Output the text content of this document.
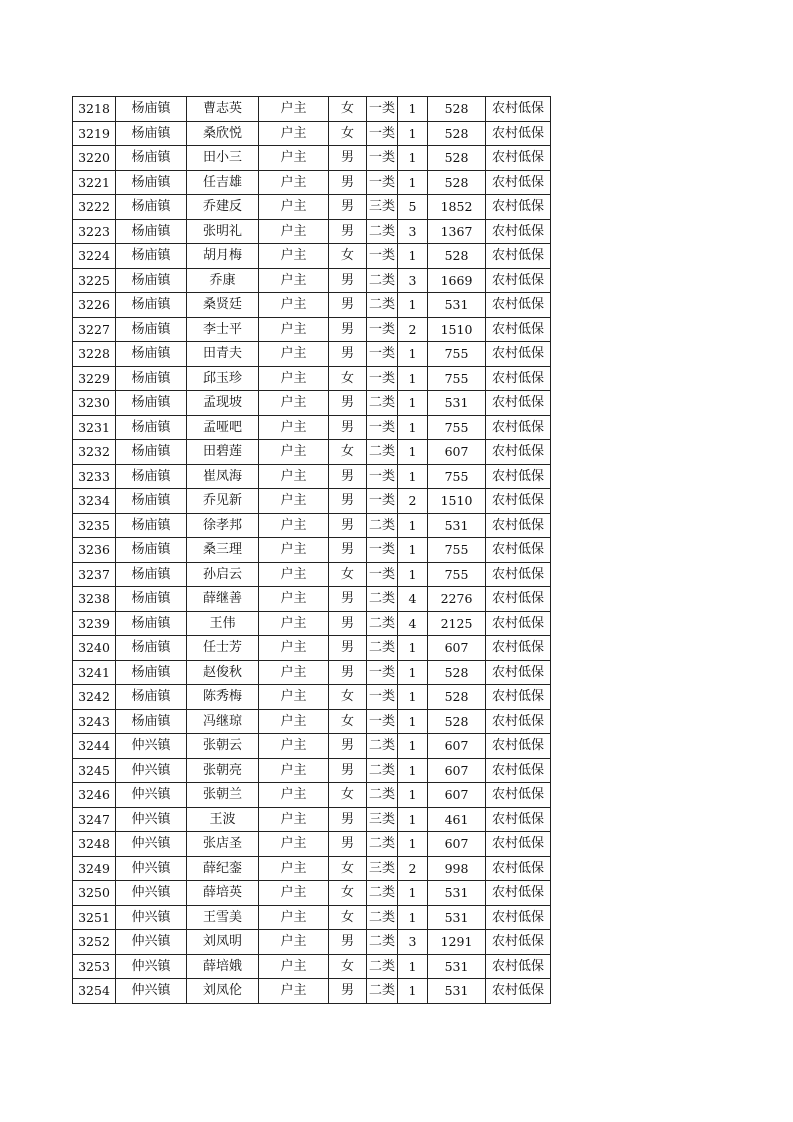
3218	杨庙镇	曹志英	户主	女	一类	1	528	农村低保
3219	杨庙镇	桑欣悦	户主	女	一类	1	528	农村低保
3220	杨庙镇	田小三	户主	男	一类	1	528	农村低保
3221	杨庙镇	任吉雄	户主	男	一类	1	528	农村低保
3222	杨庙镇	乔建反	户主	男	三类	5	1852	农村低保
3223	杨庙镇	张明礼	户主	男	二类	3	1367	农村低保
3224	杨庙镇	胡月梅	户主	女	一类	1	528	农村低保
3225	杨庙镇	乔康	户主	男	二类	3	1669	农村低保
3226	杨庙镇	桑贤廷	户主	男	二类	1	531	农村低保
3227	杨庙镇	李士平	户主	男	一类	2	1510	农村低保
3228	杨庙镇	田青夫	户主	男	一类	1	755	农村低保
3229	杨庙镇	邱玉珍	户主	女	一类	1	755	农村低保
3230	杨庙镇	孟现坡	户主	男	二类	1	531	农村低保
3231	杨庙镇	孟哑吧	户主	男	一类	1	755	农村低保
3232	杨庙镇	田碧莲	户主	女	二类	1	607	农村低保
3233	杨庙镇	崔凤海	户主	男	一类	1	755	农村低保
3234	杨庙镇	乔见新	户主	男	一类	2	1510	农村低保
3235	杨庙镇	徐孝邦	户主	男	二类	1	531	农村低保
3236	杨庙镇	桑三理	户主	男	一类	1	755	农村低保
3237	杨庙镇	孙启云	户主	女	一类	1	755	农村低保
3238	杨庙镇	薛继善	户主	男	二类	4	2276	农村低保
3239	杨庙镇	王伟	户主	男	二类	4	2125	农村低保
3240	杨庙镇	任士芳	户主	男	二类	1	607	农村低保
3241	杨庙镇	赵俊秋	户主	男	一类	1	528	农村低保
3242	杨庙镇	陈秀梅	户主	女	一类	1	528	农村低保
3243	杨庙镇	冯继琼	户主	女	一类	1	528	农村低保
3244	仲兴镇	张朝云	户主	男	二类	1	607	农村低保
3245	仲兴镇	张朝亮	户主	男	二类	1	607	农村低保
3246	仲兴镇	张朝兰	户主	女	二类	1	607	农村低保
3247	仲兴镇	王波	户主	男	三类	1	461	农村低保
3248	仲兴镇	张店圣	户主	男	二类	1	607	农村低保
3249	仲兴镇	薛纪銮	户主	女	三类	2	998	农村低保
3250	仲兴镇	薛培英	户主	女	二类	1	531	农村低保
3251	仲兴镇	王雪美	户主	女	二类	1	531	农村低保
3252	仲兴镇	刘凤明	户主	男	二类	3	1291	农村低保
3253	仲兴镇	薛培娥	户主	女	二类	1	531	农村低保
3254	仲兴镇	刘凤伦	户主	男	二类	1	531	农村低保
